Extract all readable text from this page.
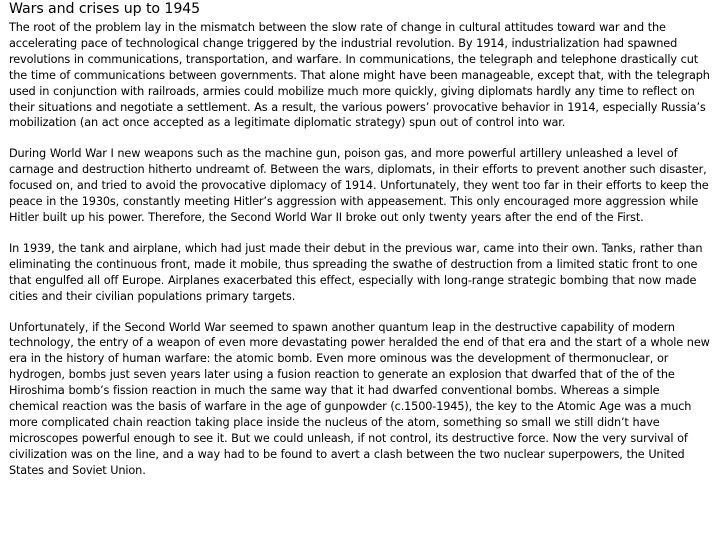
Wars and crises up to 1945

The root of the problem lay in the mismatch between the slow rate of change in cultural attitudes toward war and the accelerating pace of technological change triggered by the industrial revolution. By 1914, industrialization had spawned revolutions in communications, transportation, and warfare. In communications, the telegraph and telephone drastically cut the time of communications between governments. That alone might have been manageable, except that, with the telegraph used in conjunction with railroads, armies could mobilize much more quickly, giving diplomats hardly any time to reflect on their situations and negotiate a settlement. As a result, the various powers’ provocative behavior in 1914, especially Russia’s mobilization (an act once accepted as a legitimate diplomatic strategy) spun out of control into war.

During World War I new weapons such as the machine gun, poison gas, and more powerful artillery unleashed a level of carnage and destruction hitherto undreamt of. Between the wars, diplomats, in their efforts to prevent another such disaster, focused on, and tried to avoid the provocative diplomacy of 1914. Unfortunately, they went too far in their efforts to keep the peace in the 1930s, constantly meeting Hitler’s aggression with appeasement. This only encouraged more aggression while Hitler built up his power. Therefore, the Second World War II broke out only twenty years after the end of the First.

In 1939, the tank and airplane, which had just made their debut in the previous war, came into their own. Tanks, rather than eliminating the continuous front, made it mobile, thus spreading the swathe of destruction from a limited static front to one that engulfed all off Europe. Airplanes exacerbated this effect, especially with long-range strategic bombing that now made cities and their civilian populations primary targets.

Unfortunately, if the Second World War seemed to spawn another quantum leap in the destructive capability of modern technology, the entry of a weapon of even more devastating power heralded the end of that era and the start of a whole new era in the history of human warfare: the atomic bomb. Even more ominous was the development of thermonuclear, or hydrogen, bombs just seven years later using a fusion reaction to generate an explosion that dwarfed that of the of the Hiroshima bomb’s fission reaction in much the same way that it had dwarfed conventional bombs. Whereas a simple chemical reaction was the basis of warfare in the age of gunpowder (c.1500-1945), the key to the Atomic Age was a much more complicated chain reaction taking place inside the nucleus of the atom, something so small we still didn’t have microscopes powerful enough to see it. But we could unleash, if not control, its destructive force. Now the very survival of civilization was on the line, and a way had to be found to avert a clash between the two nuclear superpowers, the United States and Soviet Union.
